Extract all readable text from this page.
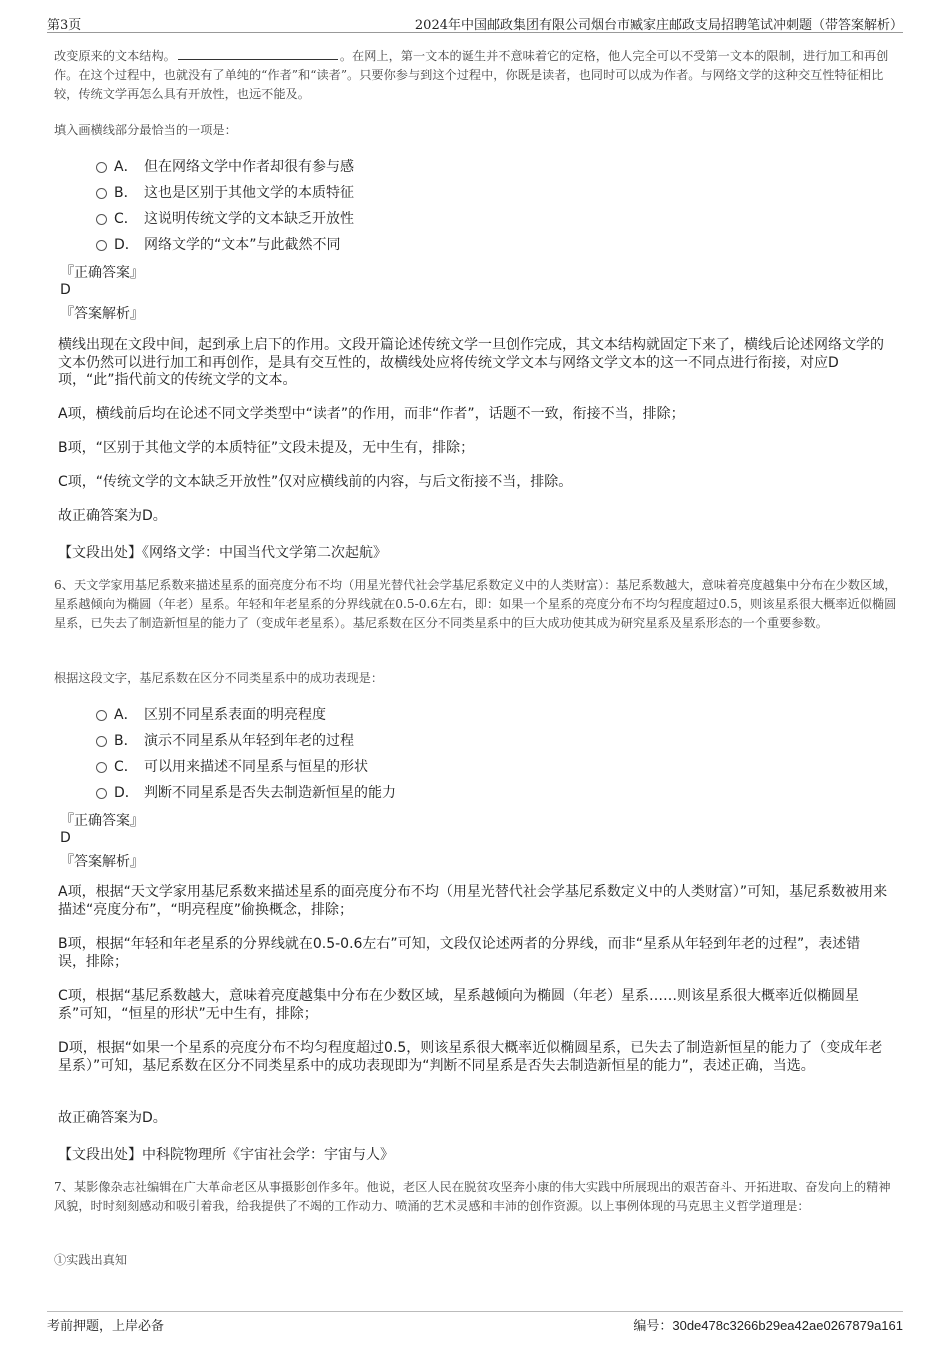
第3页	2024年中国邮政集团有限公司烟台市臧家庄邮政支局招聘笔试冲刺题（带答案解析）
改变原来的文本结构。	。在网上，第一文本的诞生并不意味着它的定格，他人完全可以不受第一文本的限制，进行加工和再创作。在这个过程中，也就没有了单纯的“作者”和“读者”。只要你参与到这个过程中，你既是读者，也同时可以成为作者。与网络文学的这种交互性特征相比较，传统文学再怎么具有开放性，也远不能及。
填入画横线部分最恰当的一项是：
A． 但在网络文学中作者却很有参与感
B． 这也是区别于其他文学的本质特征
C． 这说明传统文学的文本缺乏开放性
D． 网络文学的“文本”与此截然不同
『正确答案』
D
『答案解析』
横线出现在文段中间，起到承上启下的作用。文段开篇论述传统文学一旦创作完成，其文本结构就固定下来了，横线后论述网络文学的文本仍然可以进行加工和再创作，是具有交互性的，故横线处应将传统文学文本与网络文学文本的这一不同点进行衔接，对应D项，“此”指代前文的传统文学的文本。
A项，横线前后均在论述不同文学类型中“读者”的作用，而非“作者”，话题不一致，衔接不当，排除；
B项，“区别于其他文学的本质特征”文段未提及，无中生有，排除；
C项，“传统文学的文本缺乏开放性”仅对应横线前的内容，与后文衔接不当，排除。
故正确答案为D。
【文段出处】《网络文学：中国当代文学第二次起航》
6、天文学家用基尼系数来描述星系的面亮度分布不均（用星光替代社会学基尼系数定义中的人类财富）：基尼系数越大，意味着亮度越集中分布在少数区域，星系越倾向为椭圆（年老）星系。年轻和年老星系的分界线就在0.5-0.6左右，即：如果一个星系的亮度分布不均匀程度超过0.5，则该星系很大概率近似椭圆星系，已失去了制造新恒星的能力了（变成年老星系）。基尼系数在区分不同类星系中的巨大成功使其成为研究星系及星系形态的一个重要参数。
根据这段文字，基尼系数在区分不同类星系中的成功表现是：
A． 区别不同星系表面的明亮程度
B． 演示不同星系从年轻到年老的过程
C． 可以用来描述不同星系与恒星的形状
D． 判断不同星系是否失去制造新恒星的能力
『正确答案』
D
『答案解析』
A项，根据“天文学家用基尼系数来描述星系的面亮度分布不均（用星光替代社会学基尼系数定义中的人类财富）”可知，基尼系数被用来描述“亮度分布”，“明亮程度”偷换概念，排除；
B项，根据“年轻和年老星系的分界线就在0.5-0.6左右”可知，文段仅论述两者的分界线，而非“星系从年轻到年老的过程”，表述错误，排除；
C项，根据“基尼系数越大，意味着亮度越集中分布在少数区域，星系越倾向为椭圆（年老）星系……则该星系很大概率近似椭圆星系”可知，“恒星的形状”无中生有，排除；
D项，根据“如果一个星系的亮度分布不均匀程度超过0.5，则该星系很大概率近似椭圆星系，已失去了制造新恒星的能力了（变成年老星系）”可知，基尼系数在区分不同类星系中的成功表现即为“判断不同星系是否失去制造新恒星的能力”，表述正确，当选。
故正确答案为D。
【文段出处】中科院物理所《宇宙社会学：宇宙与人》
7、某影像杂志社编辑在广大革命老区从事摄影创作多年。他说，老区人民在脱贫攻坚奔小康的伟大实践中所展现出的艰苦奋斗、开拓进取、奋发向上的精神风貌，时时刻刻感动和吸引着我，给我提供了不竭的工作动力、喷涌的艺术灵感和丰沛的创作资源。以上事例体现的马克思主义哲学道理是：
①实践出真知
考前押题，上岸必备	编号：30de478c3266b29ea42ae0267879a161
